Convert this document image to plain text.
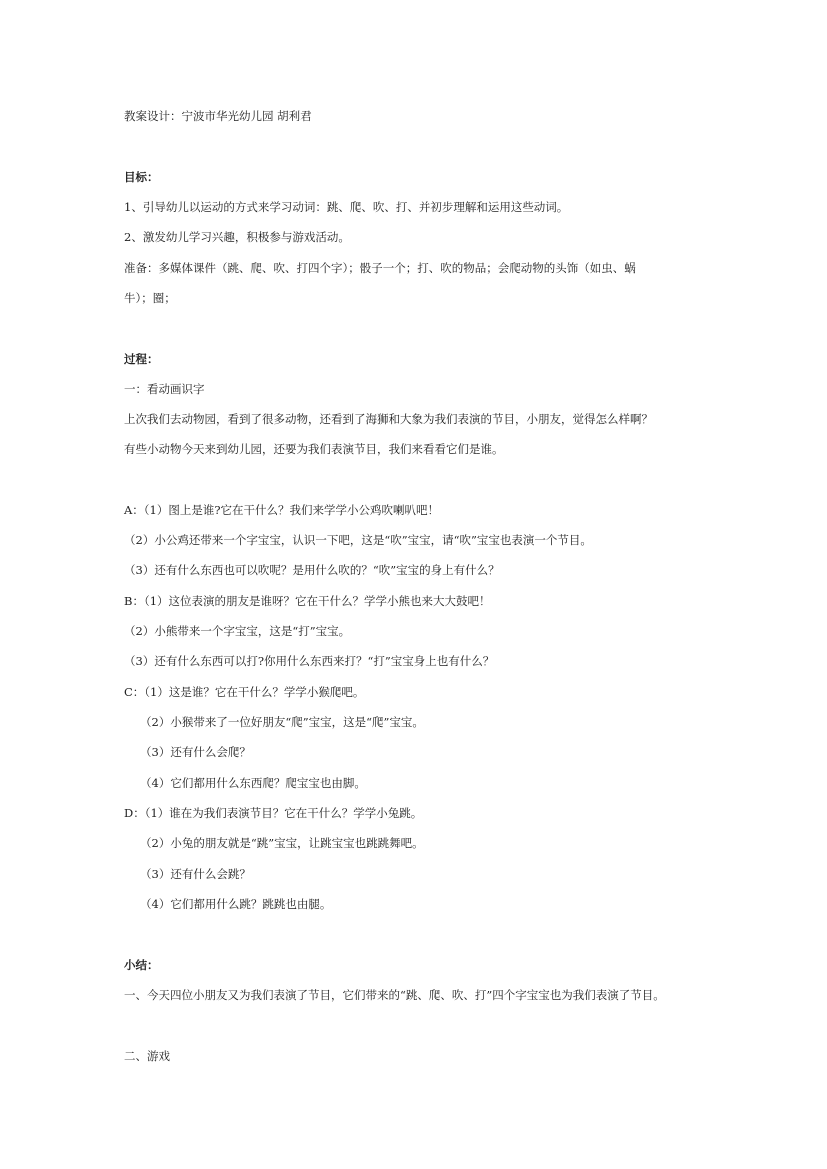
教案设计：宁波市华光幼儿园 胡利君
目标：
1、引导幼儿以运动的方式来学习动词：跳、爬、吹、打、并初步理解和运用这些动词。
2、激发幼儿学习兴趣，积极参与游戏活动。
准备：多媒体课件（跳、爬、吹、打四个字）；骰子一个；打、吹的物品；会爬动物的头饰（如虫、蜗
牛）；圈；
过程：
一：看动画识字
上次我们去动物园，看到了很多动物，还看到了海狮和大象为我们表演的节目，小朋友，觉得怎么样啊？
有些小动物今天来到幼儿园，还要为我们表演节目，我们来看看它们是谁。
A：（1）图上是谁?它在干什么？我们来学学小公鸡吹喇叭吧！
（2）小公鸡还带来一个字宝宝，认识一下吧，这是“吹”宝宝，请“吹”宝宝也表演一个节目。
（3）还有什么东西也可以吹呢？是用什么吹的？“吹”宝宝的身上有什么？
B：（1）这位表演的朋友是谁呀？它在干什么？学学小熊也来大大鼓吧！
（2）小熊带来一个字宝宝，这是“打”宝宝。
（3）还有什么东西可以打?你用什么东西来打？“打”宝宝身上也有什么？
C：（1）这是谁？它在干什么？学学小猴爬吧。
（2）小猴带来了一位好朋友“爬”宝宝，这是“爬”宝宝。
（3）还有什么会爬？
（4）它们都用什么东西爬？爬宝宝也由脚。
D：（1）谁在为我们表演节目？它在干什么？学学小兔跳。
（2）小兔的朋友就是“跳”宝宝，让跳宝宝也跳跳舞吧。
（3）还有什么会跳？
（4）它们都用什么跳？跳跳也由腿。
小结：
一、今天四位小朋友又为我们表演了节目，它们带来的“跳、爬、吹、打”四个字宝宝也为我们表演了节目。
二、游戏
